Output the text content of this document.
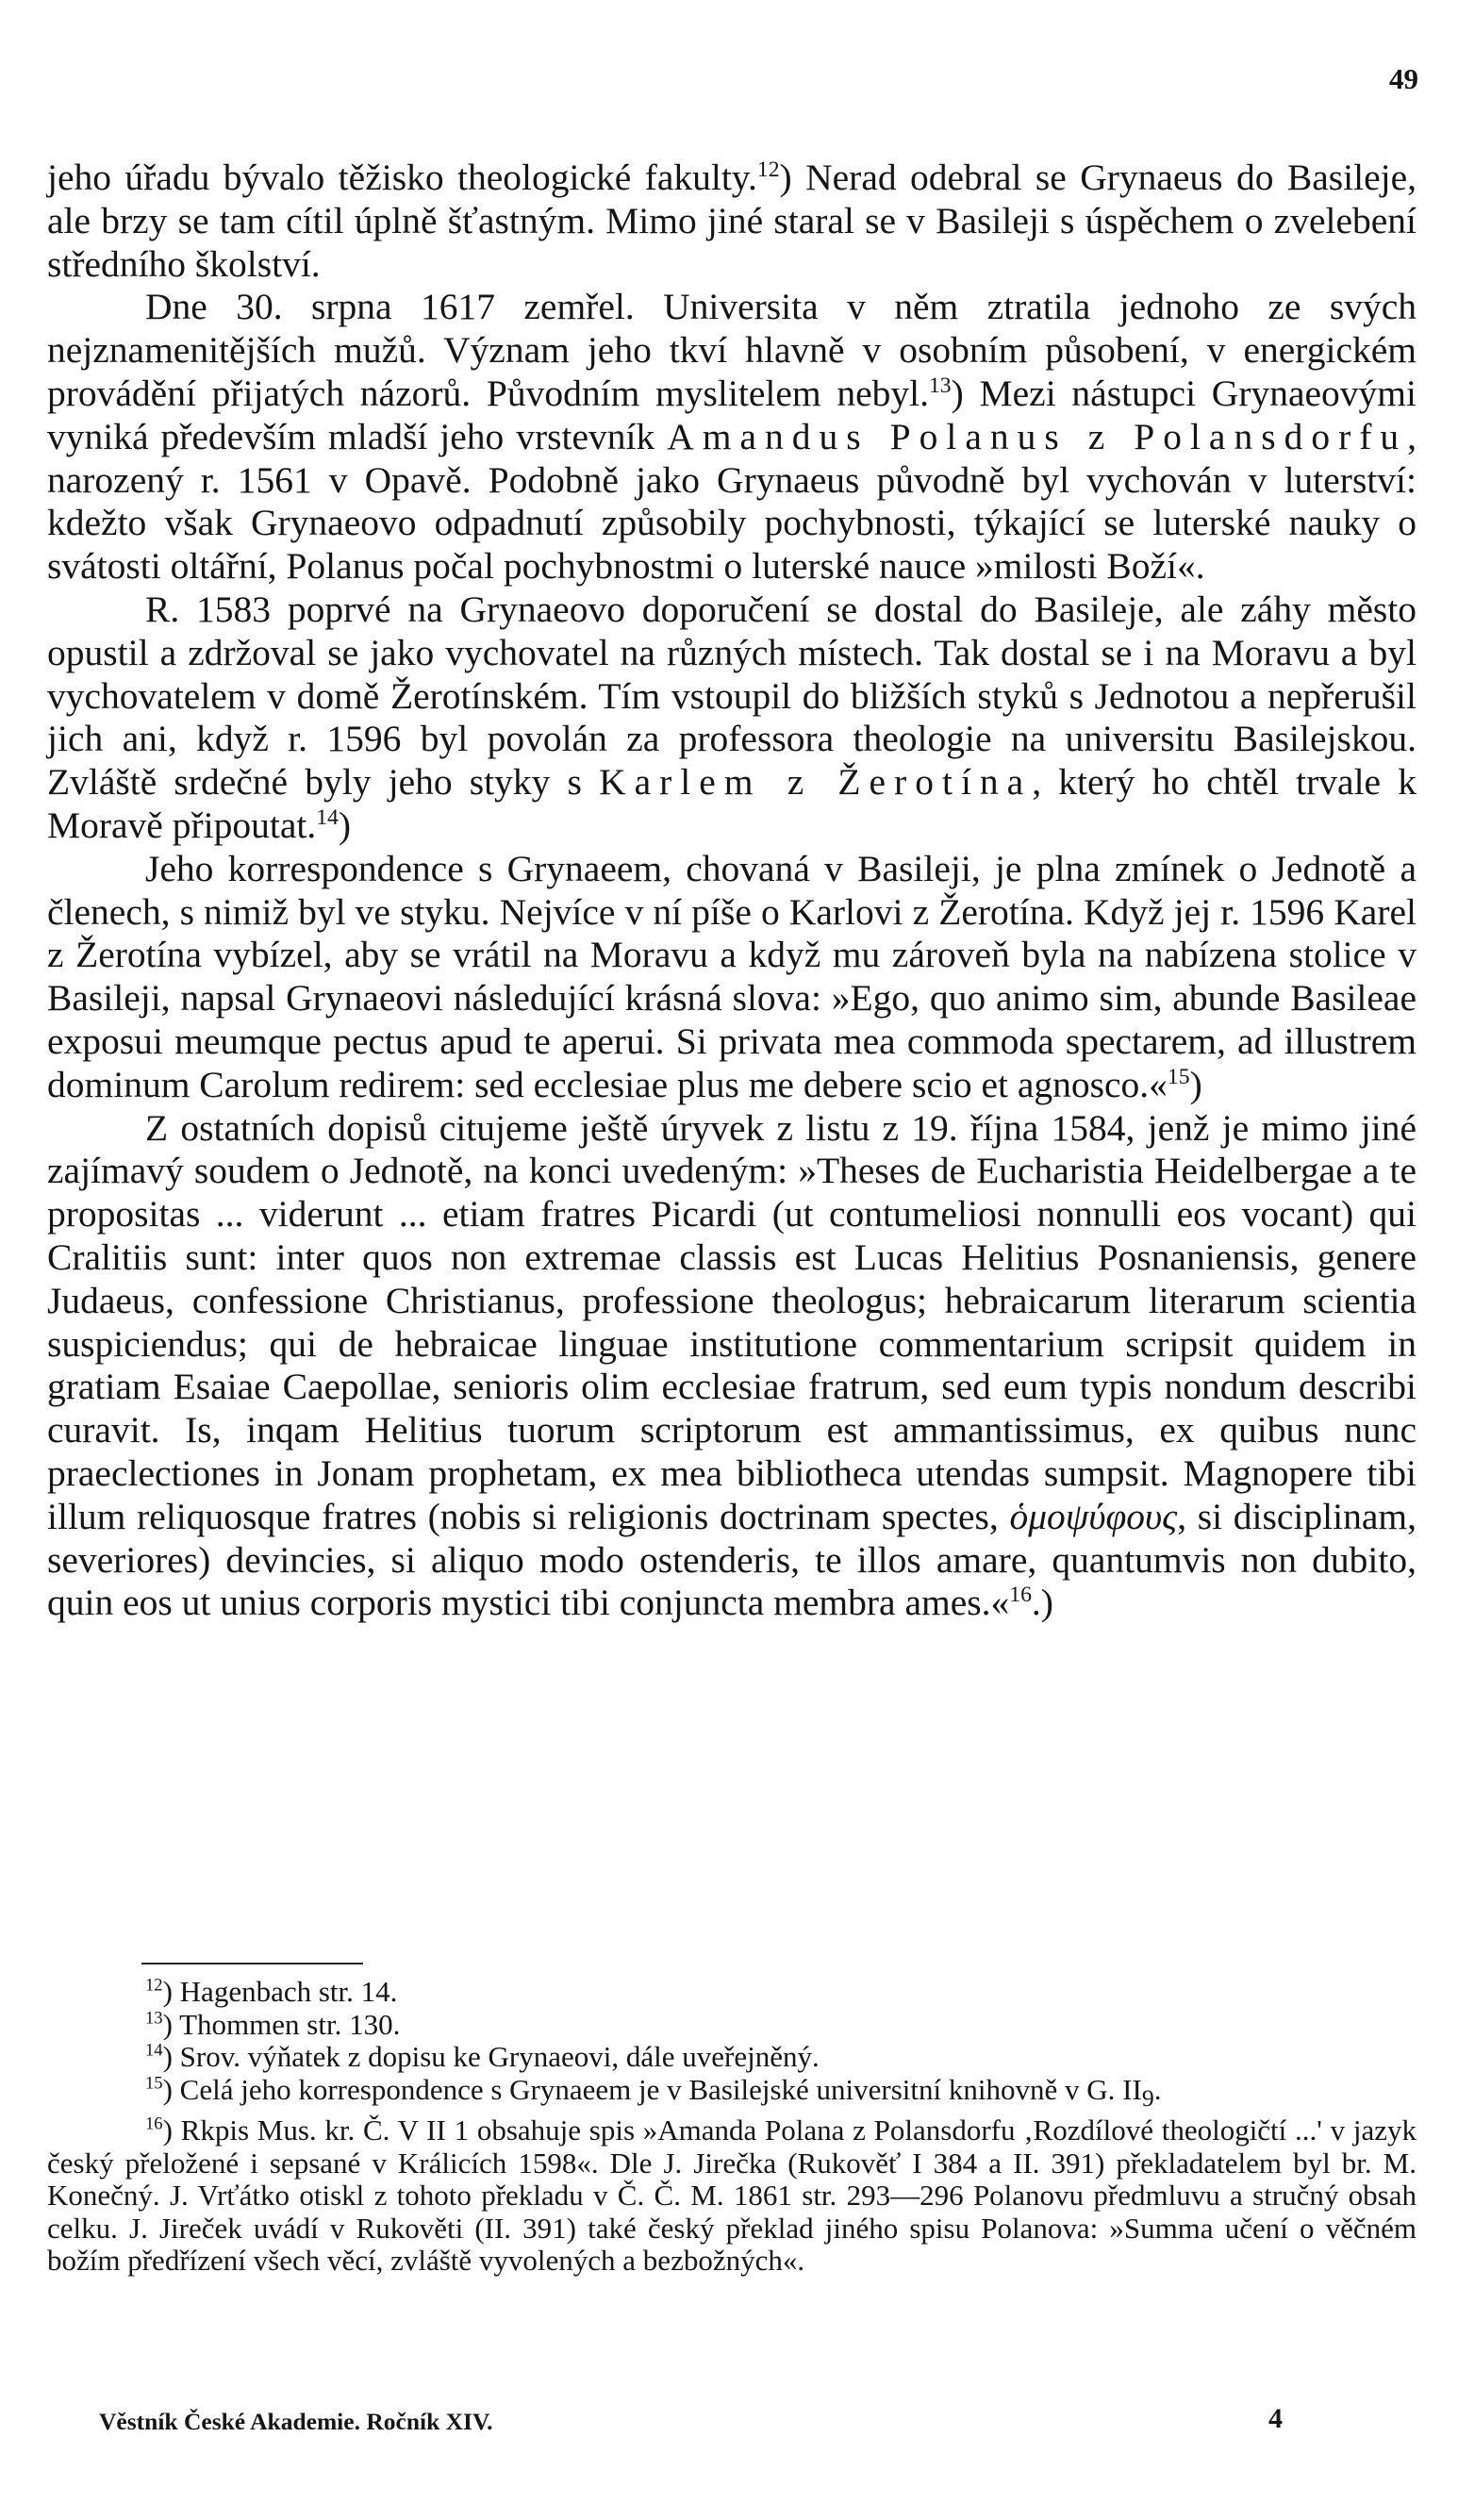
49

jeho úřadu bývalo těžisko theologické fakulty.$^{12}$) Nerad odebral se Grynaeus do Basileje, ale brzy se tam cítil úplně šťastným. Mimo jiné staral se v Basileji s úspěchem o zvelebení středního školství.

Dne 30. srpna 1617 zemřel. Universita v něm ztratila jednoho ze svých nejznamenitějších mužů. Význam jeho tkví hlavně v osobním působení, v energickém provádění přijatých názorů. Původním myslitelem nebyl.$^{13}$) Mezi nástupci Grynaeovými vyniká především mladší jeho vrstevník Amandus Polanus z Polansdorfu, narozený r. 1561 v Opavě. Podobně jako Grynaeus původně byl vychován v luterství: kdežto však Grynaeovo odpadnutí způsobily pochybnosti, týkající se luterské nauky o svátosti oltářní, Polanus počal pochybnostmi o luterské nauce »milosti Boží«.

R. 1583 poprvé na Grynaeovo doporučení se dostal do Basileje, ale záhy město opustil a zdržoval se jako vychovatel na různých místech. Tak dostal se i na Moravu a byl vychovatelem v domě Žerotínském. Tím vstoupil do bližších styků s Jednotou a nepřerušil jich ani, když r. 1596 byl povolán za professora theologie na universitu Basilejskou. Zvláště srdečné byly jeho styky s Karlem z Žerotína, který ho chtěl trvale k Moravě připoutat.$^{14}$)

Jeho korrespondence s Grynaeem, chovaná v Basileji, je plna zmínek o Jednotě a členech, s nimiž byl ve styku. Nejvíce v ní píše o Karlovi z Žerotína. Když jej r. 1596 Karel z Žerotína vybízel, aby se vrátil na Moravu a když mu zároveň byla na nabízena stolice v Basileji, napsal Grynaeovi následující krásná slova: »Ego, quo animo sim, abunde Basileae exposui meumque pectus apud te aperui. Si privata mea commoda spectarem, ad illustrem dominum Carolum redirem: sed ecclesiae plus me debere scio et agnosco.«$^{15}$)

Z ostatních dopisů citujeme ještě úryvek z listu z 19. října 1584, jenž je mimo jiné zajímavý soudem o Jednotě, na konci uvedeným: »Theses de Eucharistia Heidelbergae a te propositas ... viderunt ... etiam fratres Picardi (ut contumeliosi nonnulli eos vocant) qui Cralitiis sunt: inter quos non extremae classis est Lucas Helitius Posnaniensis, genere Judaeus, confessione Christianus, professione theologus; hebraicarum literarum scientia suspiciendus; qui de hebraicae linguae institutione commentarium scripsit quidem in gratiam Esaiae Caepollae, senioris olim ecclesiae fratrum, sed eum typis nondum describi curavit. Is, inqam Helitius tuorum scriptorum est ammantissimus, ex quibus nunc praeclectiones in Jonam prophetam, ex mea bibliotheca utendas sumpsit. Magnopere tibi illum reliquosque fratres (nobis si religionis doctrinam spectes, ὁμοψύφους, si disciplinam, severiores) devincies, si aliquo modo ostenderis, te illos amare, quantumvis non dubito, quin eos ut unius corporis mystici tibi conjuncta membra ames.«$^{16}$.)

$^{12}$) Hagenbach str. 14.

$^{13}$) Thommen str. 130.

$^{14}$) Srov. výňatek z dopisu ke Grynaeovi, dále uveřejněný.

$^{15}$) Celá jeho korrespondence s Grynaeem je v Basilejské universitní knihovně v G. $II_9$.

$^{16}$) Rkpis Mus. kr. Č. V II 1 obsahuje spis »Amanda Polana z Polansdorfu ‚Rozdílové theologičtí ...' v jazyk český přeložené i sepsané v Králicích 1598«. Dle J. Jirečka (Rukověť I 384 a II. 391) překladatelem byl br. M. Konečný. J. Vrťátko otiskl z tohoto překladu v Č. Č. M. 1861 str. 293—296 Polanovu předmluvu a stručný obsah celku. J. Jireček uvádí v Rukověti (II. 391) také český překlad jiného spisu Polanova: »Summa učení o věčném božím předřízení všech věcí, zvláště vyvolených a bezbožných«.

Věstník České Akademie. Ročník XIV.	4
